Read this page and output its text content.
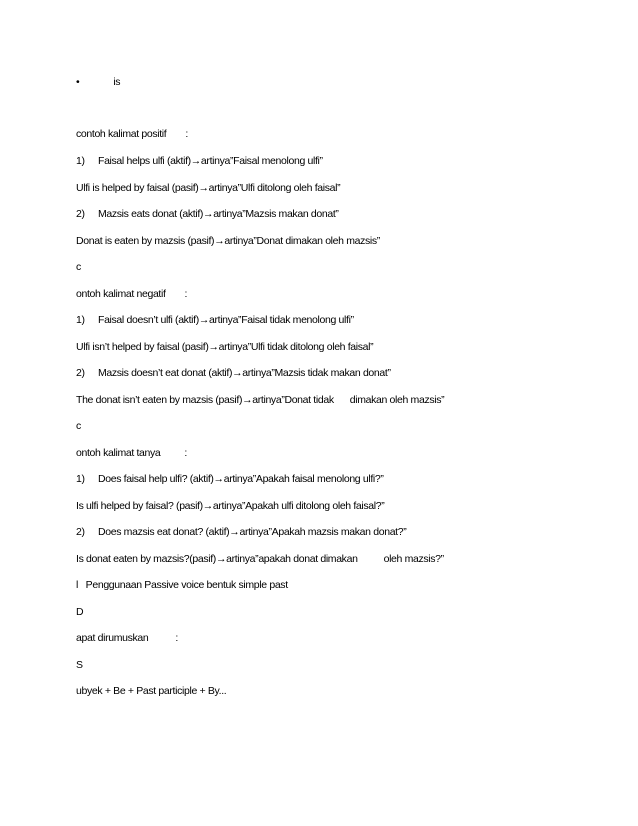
•	is
contoh kalimat positif :
1) Faisal helps ulfi (aktif)→artinya”Faisal menolong ulfi”
Ulfi is helped by faisal (pasif)→artinya”Ulfi ditolong oleh faisal”
2) Mazsis eats donat (aktif)→artinya”Mazsis makan donat”
Donat is eaten by mazsis (pasif)→artinya”Donat dimakan oleh mazsis”
c
ontoh kalimat negatif :
1) Faisal doesn’t ulfi (aktif)→artinya”Faisal tidak menolong ulfi”
Ulfi isn’t helped by faisal (pasif)→artinya”Ulfi tidak ditolong oleh faisal”
2) Mazsis doesn’t eat donat (aktif)→artinya”Mazsis tidak makan donat”
The donat isn’t eaten by mazsis (pasif)→artinya”Donat tidak dimakan oleh mazsis”
c
ontoh kalimat tanya :
1) Does faisal help ulfi? (aktif)→artinya”Apakah faisal menolong ulfi?”
Is ulfi helped by faisal? (pasif)→artinya”Apakah ulfi ditolong oleh faisal?”
2) Does mazsis eat donat? (aktif)→artinya”Apakah mazsis makan donat?”
Is donat eaten by mazsis?(pasif)→artinya”apakah donat dimakan oleh mazsis?”
l   Penggunaan Passive voice bentuk simple past
D
apat dirumuskan	:
S
ubyek + Be + Past participle + By...
